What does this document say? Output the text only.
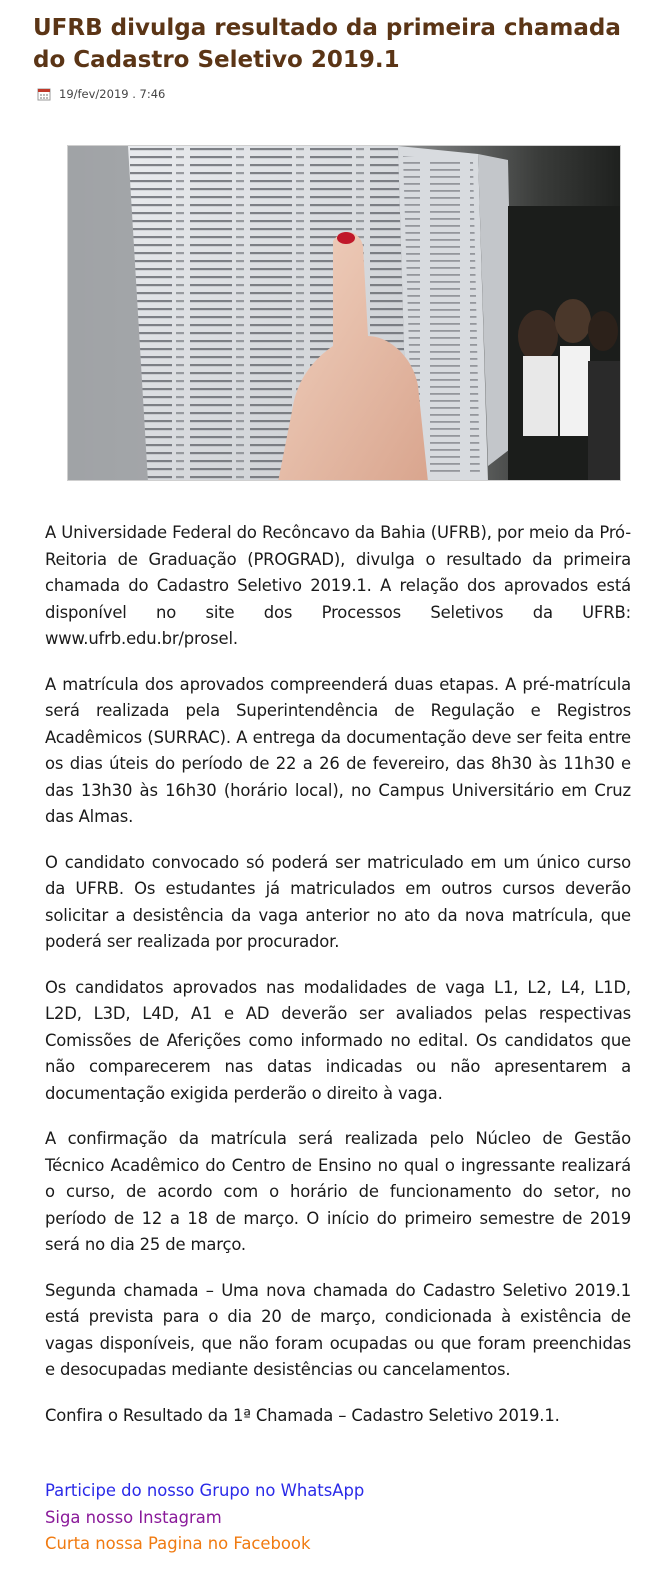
UFRB divulga resultado da primeira chamada do Cadastro Seletivo 2019.1
19/fev/2019 . 7:46

A Universidade Federal do Recôncavo da Bahia (UFRB), por meio da Pró-Reitoria de Graduação (PROGRAD), divulga o resultado da primeira chamada do Cadastro Seletivo 2019.1. A relação dos aprovados está disponível no site dos Processos Seletivos da UFRB: www.ufrb.edu.br/prosel.

A matrícula dos aprovados compreenderá duas etapas. A pré-matrícula será realizada pela Superintendência de Regulação e Registros Acadêmicos (SURRAC). A entrega da documentação deve ser feita entre os dias úteis do período de 22 a 26 de fevereiro, das 8h30 às 11h30 e das 13h30 às 16h30 (horário local), no Campus Universitário em Cruz das Almas.

O candidato convocado só poderá ser matriculado em um único curso da UFRB. Os estudantes já matriculados em outros cursos deverão solicitar a desistência da vaga anterior no ato da nova matrícula, que poderá ser realizada por procurador.

Os candidatos aprovados nas modalidades de vaga L1, L2, L4, L1D, L2D, L3D, L4D, A1 e AD deverão ser avaliados pelas respectivas Comissões de Aferições como informado no edital. Os candidatos que não comparecerem nas datas indicadas ou não apresentarem a documentação exigida perderão o direito à vaga.

A confirmação da matrícula será realizada pelo Núcleo de Gestão Técnico Acadêmico do Centro de Ensino no qual o ingressante realizará o curso, de acordo com o horário de funcionamento do setor, no período de 12 a 18 de março. O início do primeiro semestre de 2019 será no dia 25 de março.

Segunda chamada – Uma nova chamada do Cadastro Seletivo 2019.1 está prevista para o dia 20 de março, condicionada à existência de vagas disponíveis, que não foram ocupadas ou que foram preenchidas e desocupadas mediante desistências ou cancelamentos.

Confira o Resultado da 1ª Chamada – Cadastro Seletivo 2019.1.

Participe do nosso Grupo no WhatsApp
Siga nosso Instagram
Curta nossa Pagina no Facebook
